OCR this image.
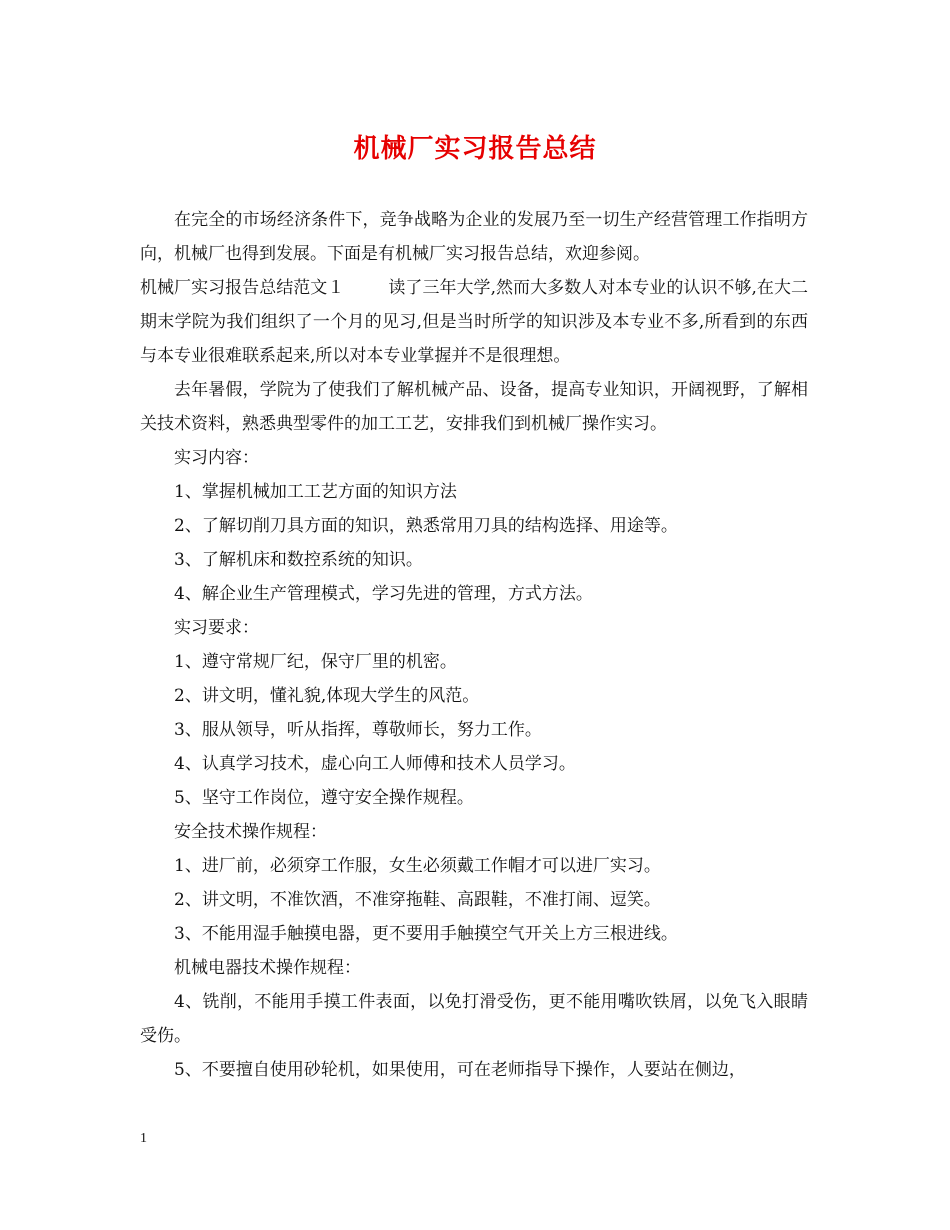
机械厂实习报告总结

在完全的市场经济条件下，竞争战略为企业的发展乃至一切生产经营管理工作指明方向，机械厂也得到发展。下面是有机械厂实习报告总结，欢迎参阅。

机械厂实习报告总结范文１	读了三年大学,然而大多数人对本专业的认识不够,在大二期末学院为我们组织了一个月的见习,但是当时所学的知识涉及本专业不多,所看到的东西与本专业很难联系起来,所以对本专业掌握并不是很理想。

去年暑假，学院为了使我们了解机械产品、设备，提高专业知识，开阔视野，了解相关技术资料，熟悉典型零件的加工工艺，安排我们到机械厂操作实习。

实习内容：

1、掌握机械加工工艺方面的知识方法

2、了解切削刀具方面的知识，熟悉常用刀具的结构选择、用途等。

3、了解机床和数控系统的知识。

4、解企业生产管理模式，学习先进的管理，方式方法。

实习要求：

1、遵守常规厂纪，保守厂里的机密。

2、讲文明，懂礼貌,体现大学生的风范。

3、服从领导，听从指挥，尊敬师长，努力工作。

4、认真学习技术，虚心向工人师傅和技术人员学习。

5、坚守工作岗位，遵守安全操作规程。

安全技术操作规程：

1、进厂前，必须穿工作服，女生必须戴工作帽才可以进厂实习。

2、讲文明，不准饮酒，不准穿拖鞋、高跟鞋，不准打闹、逗笑。

3、不能用湿手触摸电器，更不要用手触摸空气开关上方三根进线。

机械电器技术操作规程：

4、铣削，不能用手摸工件表面，以免打滑受伤，更不能用嘴吹铁屑，以免飞入眼睛受伤。

5、不要擅自使用砂轮机，如果使用，可在老师指导下操作，人要站在侧边，

1
